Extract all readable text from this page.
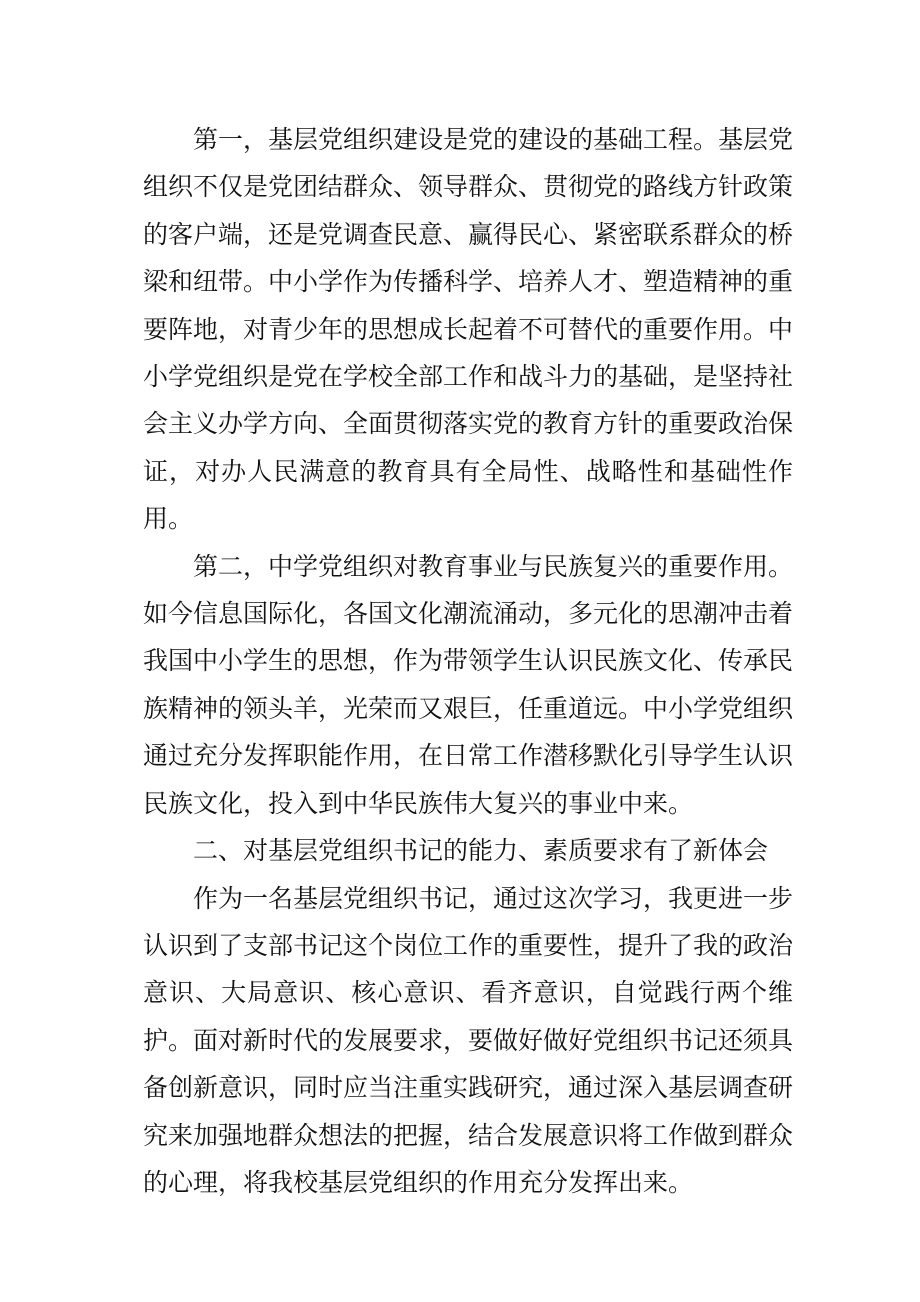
第一，基层党组织建设是党的建设的基础工程。基层党组织不仅是党团结群众、领导群众、贯彻党的路线方针政策的客户端，还是党调查民意、赢得民心、紧密联系群众的桥梁和纽带。中小学作为传播科学、培养人才、塑造精神的重要阵地，对青少年的思想成长起着不可替代的重要作用。中小学党组织是党在学校全部工作和战斗力的基础，是坚持社会主义办学方向、全面贯彻落实党的教育方针的重要政治保证，对办人民满意的教育具有全局性、战略性和基础性作用。

第二，中学党组织对教育事业与民族复兴的重要作用。如今信息国际化，各国文化潮流涌动，多元化的思潮冲击着我国中小学生的思想，作为带领学生认识民族文化、传承民族精神的领头羊，光荣而又艰巨，任重道远。中小学党组织通过充分发挥职能作用，在日常工作潜移默化引导学生认识民族文化，投入到中华民族伟大复兴的事业中来。

二、对基层党组织书记的能力、素质要求有了新体会

作为一名基层党组织书记，通过这次学习，我更进一步认识到了支部书记这个岗位工作的重要性，提升了我的政治意识、大局意识、核心意识、看齐意识，自觉践行两个维护。面对新时代的发展要求，要做好做好党组织书记还须具备创新意识，同时应当注重实践研究，通过深入基层调查研究来加强地群众想法的把握，结合发展意识将工作做到群众的心理，将我校基层党组织的作用充分发挥出来。
